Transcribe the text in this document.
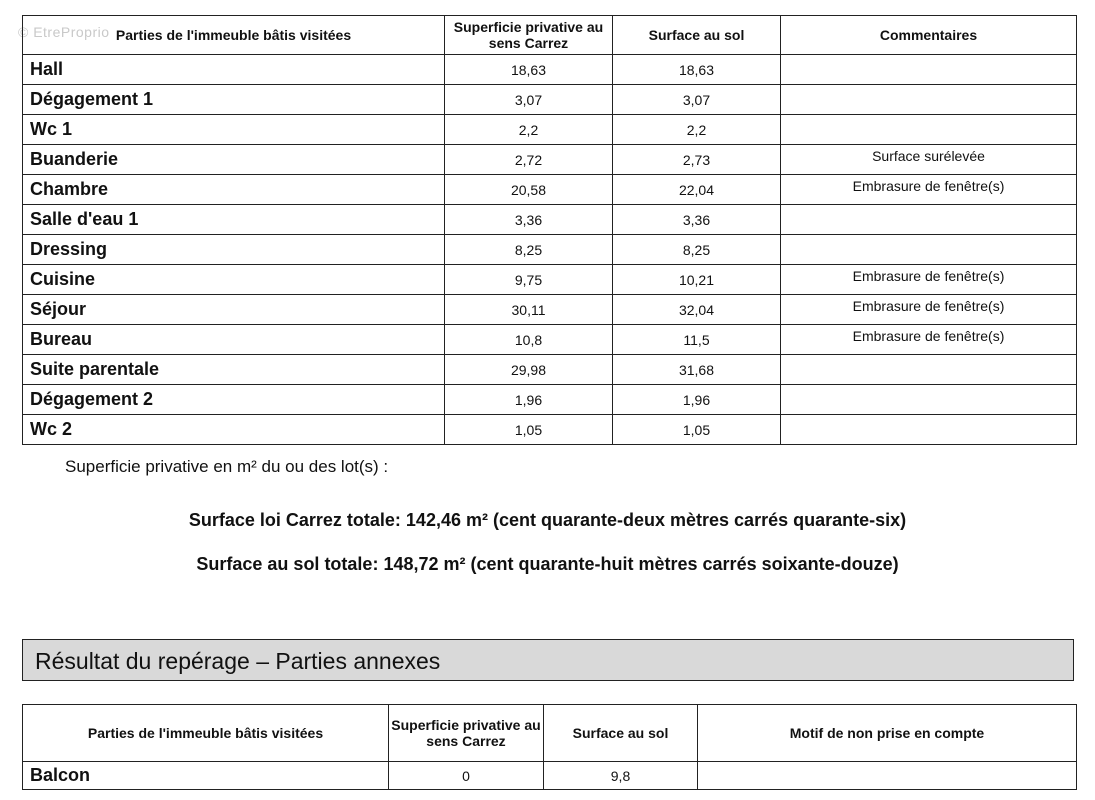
© EtreProprio Parties de l'immeuble bâtis visitées	Superficie privative au sens Carrez	Surface au sol	Commentaires
Hall	18,63	18,63	
Dégagement 1	3,07	3,07	
Wc 1	2,2	2,2	
Buanderie	2,72	2,73	Surface surélevée
Chambre	20,58	22,04	Embrasure de fenêtre(s)
Salle d'eau 1	3,36	3,36	
Dressing	8,25	8,25	
Cuisine	9,75	10,21	Embrasure de fenêtre(s)
Séjour	30,11	32,04	Embrasure de fenêtre(s)
Bureau	10,8	11,5	Embrasure de fenêtre(s)
Suite parentale	29,98	31,68	
Dégagement 2	1,96	1,96	
Wc 2	1,05	1,05	
Superficie privative en m² du ou des lot(s) :
Surface loi Carrez totale: 142,46 m² (cent quarante-deux mètres carrés quarante-six)
Surface au sol totale: 148,72 m² (cent quarante-huit mètres carrés soixante-douze)
Résultat du repérage – Parties annexes
Parties de l'immeuble bâtis visitées	Superficie privative au sens Carrez	Surface au sol	Motif de non prise en compte
Balcon	0	9,8	
